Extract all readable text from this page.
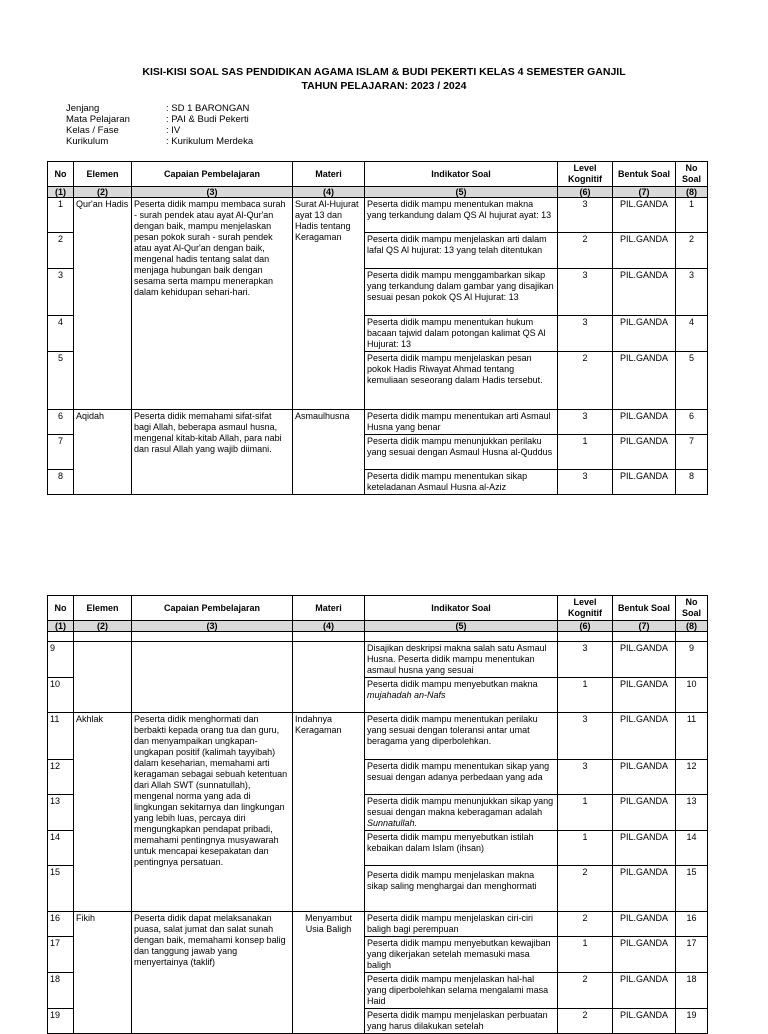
KISI-KISI SOAL SAS PENDIDIKAN AGAMA ISLAM & BUDI PEKERTI KELAS 4 SEMESTER GANJIL
TAHUN PELAJARAN: 2023 / 2024
Jenjang	: SD 1 BARONGAN
Mata Pelajaran	: PAI & Budi Pekerti
Kelas / Fase	: IV
Kurikulum	: Kurikulum Merdeka
No	Elemen	Capaian Pembelajaran	Materi	Indikator Soal	Level Kognitif	Bentuk Soal	No Soal
(1)	(2)	(3)	(4)	(5)	(6)	(7)	(8)
1	Qur'an Hadis	Peserta didik mampu membaca surah - surah pendek atau ayat Al-Qur'an dengan baik, mampu menjelaskan pesan pokok surah - surah pendek atau ayat Al-Qur'an dengan baik, mengenal hadis tentang salat dan menjaga hubungan baik dengan sesama serta mampu menerapkan dalam kehidupan sehari-hari.	Surat Al-Hujurat ayat 13 dan Hadis tentang Keragaman	Peserta didik mampu menentukan makna yang terkandung dalam QS Al hujurat ayat: 13	3	PIL.GANDA	1
2				Peserta didik mampu menjelaskan arti dalam lafal QS Al hujurat: 13 yang telah ditentukan	2	PIL.GANDA	2
3				Peserta didik mampu menggambarkan sikap yang terkandung dalam gambar yang disajikan sesuai pesan pokok QS Al Hujurat: 13	3	PIL.GANDA	3
4				Peserta didik mampu menentukan hukum bacaan tajwid dalam potongan kalimat QS Al Hujurat: 13	3	PIL.GANDA	4
5				Peserta didik mampu menjelaskan pesan pokok Hadis Riwayat Ahmad tentang kemuliaan seseorang dalam Hadis tersebut.	2	PIL.GANDA	5
6	Aqidah	Peserta didik memahami sifat-sifat bagi Allah, beberapa asmaul husna, mengenal kitab-kitab Allah, para nabi dan rasul Allah yang wajib diimani.	Asmaulhusna	Peserta didik mampu menentukan arti Asmaul Husna yang benar	3	PIL.GANDA	6
7				Peserta didik mampu menunjukkan perilaku yang sesuai dengan Asmaul Husna al-Quddus	1	PIL.GANDA	7
8				Peserta didik mampu menentukan sikap keteladanan Asmaul Husna al-Aziz	3	PIL.GANDA	8
No	Elemen	Capaian Pembelajaran	Materi	Indikator Soal	Level Kognitif	Bentuk Soal	No Soal
(1)	(2)	(3)	(4)	(5)	(6)	(7)	(8)

9				Disajikan deskripsi makna salah satu Asmaul Husna. Peserta didik mampu menentukan asmaul husna yang sesuai	3	PIL.GANDA	9
10				Peserta didik mampu menyebutkan makna mujahadah an-Nafs	1	PIL.GANDA	10
11	Akhlak	Peserta didik menghormati dan berbakti kepada orang tua dan guru, dan menyampaikan ungkapan-ungkapan positif (kalimah tayyibah) dalam keseharian, memahami arti keragaman sebagai sebuah ketentuan dari Allah SWT (sunnatullah), mengenal norma yang ada di lingkungan sekitarnya dan lingkungan yang lebih luas, percaya diri mengungkapkan pendapat pribadi, memahami pentingnya musyawarah untuk mencapai kesepakatan dan pentingnya persatuan.	Indahnya Keragaman	Peserta didik mampu menentukan perilaku yang sesuai dengan toleransi antar umat beragama yang diperbolehkan.	3	PIL.GANDA	11
12				Peserta didik mampu menentukan sikap yang sesuai dengan adanya perbedaan yang ada	3	PIL.GANDA	12
13				Peserta didik mampu menunjukkan sikap yang sesuai dengan makna keberagaman adalah Sunnatullah.	1	PIL.GANDA	13
14				Peserta didik mampu menyebutkan istilah kebaikan dalam Islam (ihsan)	1	PIL.GANDA	14
15				Peserta didik mampu menjelaskan makna sikap saling menghargai dan menghormati	2	PIL.GANDA	15
16	Fikih	Peserta didik dapat melaksanakan puasa, salat jumat dan salat sunah dengan baik, memahami konsep balig dan tanggung jawab yang menyertainya (taklif)	Menyambut Usia Baligh	Peserta didik mampu menjelaskan ciri-ciri baligh bagi perempuan	2	PIL.GANDA	16
17				Peserta didik mampu menyebutkan kewajiban yang dikerjakan setelah memasuki masa baligh	1	PIL.GANDA	17
18				Peserta didik mampu menjelaskan hal-hal yang diperbolehkan selama mengalami masa Haid	2	PIL.GANDA	18
19				Peserta didik mampu menjelaskan perbuatan yang harus dilakukan setelah	2	PIL.GANDA	19
